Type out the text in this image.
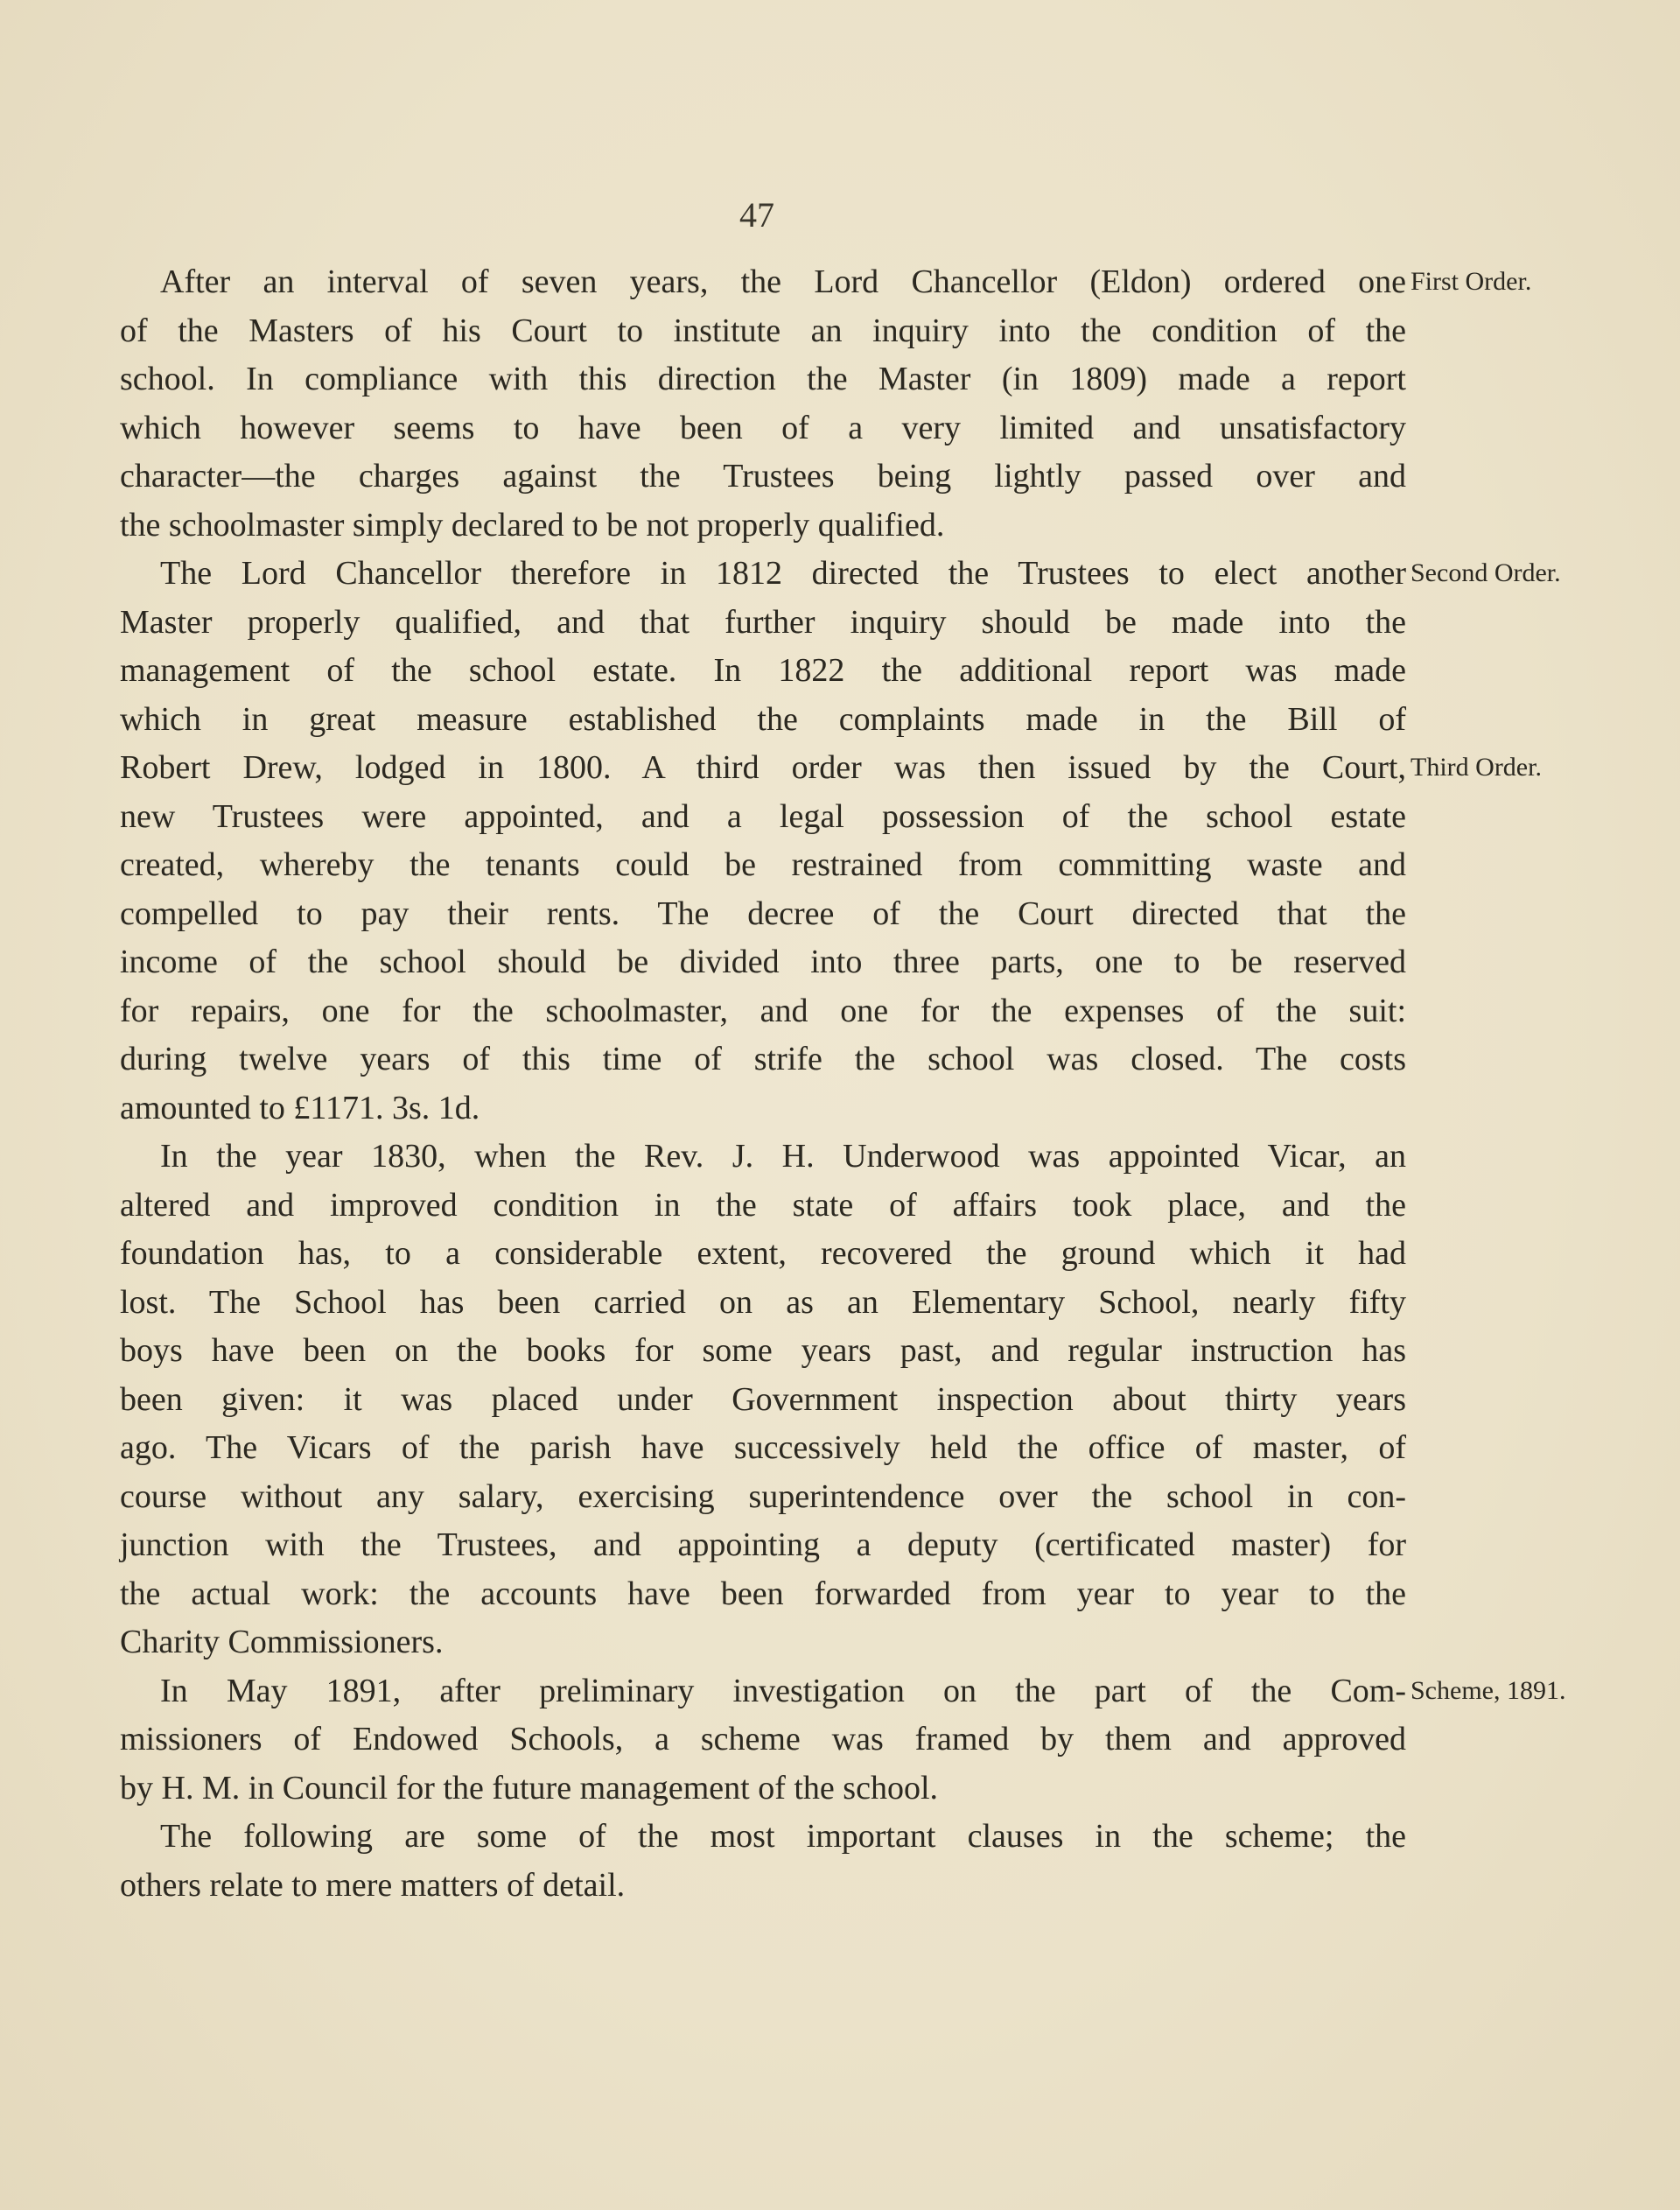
47
After an interval of seven years, the Lord Chancellor (Eldon) ordered one
of the Masters of his Court to institute an inquiry into the condition of the
school. In compliance with this direction the Master (in 1809) made a report
which however seems to have been of a very limited and unsatisfactory
character—the charges against the Trustees being lightly passed over and
the schoolmaster simply declared to be not properly qualified.
The Lord Chancellor therefore in 1812 directed the Trustees to elect another
Master properly qualified, and that further inquiry should be made into the
management of the school estate. In 1822 the additional report was made
which in great measure established the complaints made in the Bill of
Robert Drew, lodged in 1800. A third order was then issued by the Court,
new Trustees were appointed, and a legal possession of the school estate
created, whereby the tenants could be restrained from committing waste and
compelled to pay their rents. The decree of the Court directed that the
income of the school should be divided into three parts, one to be reserved
for repairs, one for the schoolmaster, and one for the expenses of the suit:
during twelve years of this time of strife the school was closed. The costs
amounted to £1171. 3s. 1d.
In the year 1830, when the Rev. J. H. Underwood was appointed Vicar, an
altered and improved condition in the state of affairs took place, and the
foundation has, to a considerable extent, recovered the ground which it had
lost. The School has been carried on as an Elementary School, nearly fifty
boys have been on the books for some years past, and regular instruction has
been given: it was placed under Government inspection about thirty years
ago. The Vicars of the parish have successively held the office of master, of
course without any salary, exercising superintendence over the school in con-
junction with the Trustees, and appointing a deputy (certificated master) for
the actual work: the accounts have been forwarded from year to year to the
Charity Commissioners.
In May 1891, after preliminary investigation on the part of the Com-
missioners of Endowed Schools, a scheme was framed by them and approved
by H. M. in Council for the future management of the school.
The following are some of the most important clauses in the scheme; the
others relate to mere matters of detail.
First Order.
Second Order.
Third Order.
Scheme, 1891.
